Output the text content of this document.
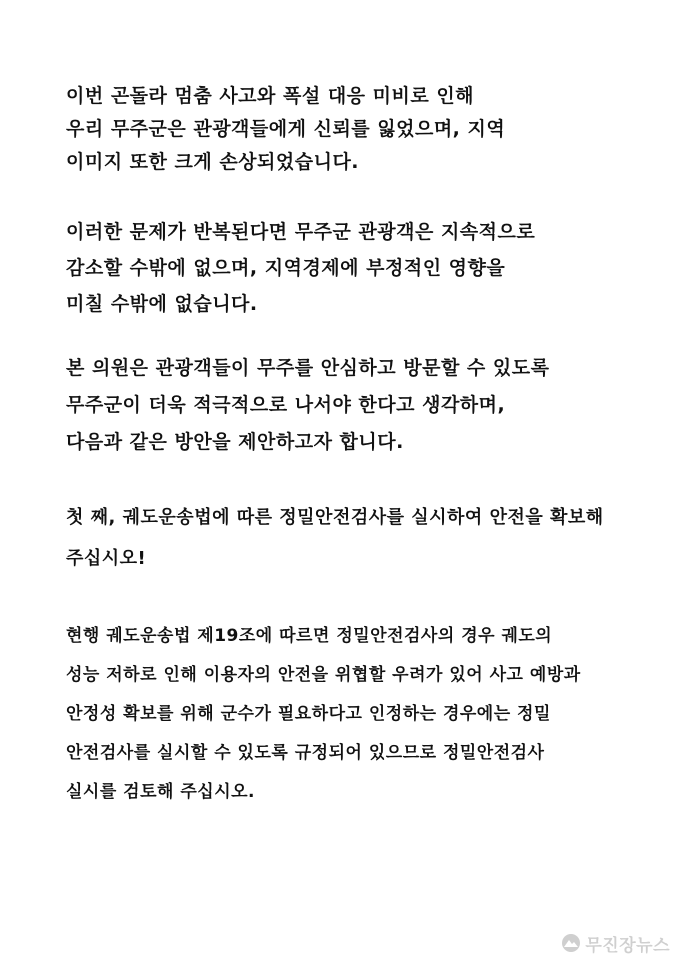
이번 곤돌라 멈춤 사고와 폭설 대응 미비로 인해
우리 무주군은 관광객들에게 신뢰를 잃었으며, 지역
이미지 또한 크게 손상되었습니다.
이러한 문제가 반복된다면 무주군 관광객은 지속적으로
감소할 수밖에 없으며, 지역경제에 부정적인 영향을
미칠 수밖에 없습니다.
본 의원은 관광객들이 무주를 안심하고 방문할 수 있도록
무주군이 더욱 적극적으로 나서야 한다고 생각하며,
다음과 같은 방안을 제안하고자 합니다.
첫 째, 궤도운송법에 따른 정밀안전검사를 실시하여 안전을 확보해
주십시오!
현행 궤도운송법 제19조에 따르면 정밀안전검사의 경우 궤도의
성능 저하로 인해 이용자의 안전을 위협할 우려가 있어 사고 예방과
안정성 확보를 위해 군수가 필요하다고 인정하는 경우에는 정밀
안전검사를 실시할 수 있도록 규정되어 있으므로 정밀안전검사
실시를 검토해 주십시오.
무진장뉴스
